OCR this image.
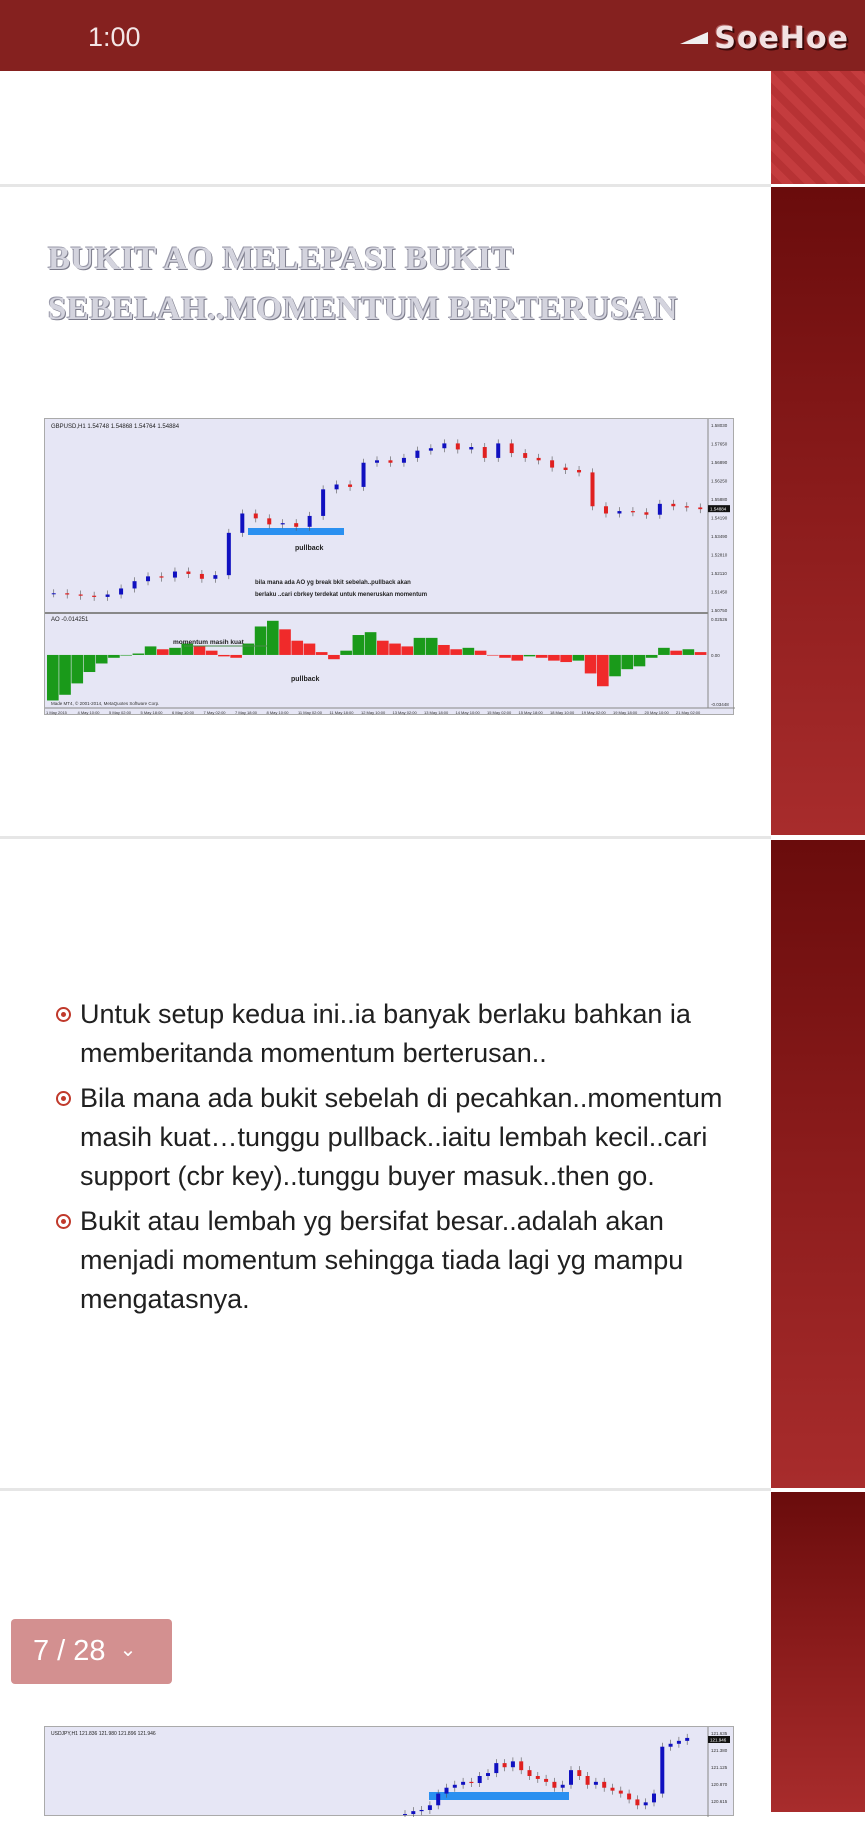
1:00	SoeHoe
BUKIT AO MELEPASI BUKIT
SEBELAH..MOMENTUM BERTERUSAN
GBPUSD,H1 1.54748 1.54868 1.54764 1.54884
AO -0.014251
1.58030
1.57650
1.56890
1.56250
1.55880
1.54190
1.53490
1.52810
1.52110
1.51450
1.50750
1.54884
0.02526
0.00
-0.03448
1 May 2015	4 May 10:00 5 May 02:00 5 May 18:00 6 May 10:00 7 May 02:00 7 May 18:00 8 May 10:00 11 May 02:00 11 May 18:00 12 May 10:00 13 May 02:00 13 May 18:00 14 May 10:00 15 May 02:00 15 May 18:00 18 May 10:00 19 May 02:00 19 May 18:00 20 May 10:00 21 May 02:00
pullback
bila mana ada AO yg break bkit sebelah..pullback akan
berlaku ..cari cbrkey terdekat untuk meneruskan momentum
momentum masih kuat
pullback
Made MT4, © 2001-2014, MetaQuotes Software Corp.
Untuk setup kedua ini..ia banyak berlaku bahkan ia memberitanda momentum berterusan..
Bila mana ada bukit sebelah di pecahkan..momentum masih kuat…tunggu pullback..iaitu lembah kecil..cari support (cbr key)..tunggu buyer masuk..then go.
Bukit atau lembah yg bersifat besar..adalah akan menjadi momentum sehingga tiada lagi yg mampu mengatasnya.
7 / 28 ⌄
USDJPY,H1 121.836 121.980 121.896 121.946	121.635
121.380
121.125
120.870
120.615
121.946
